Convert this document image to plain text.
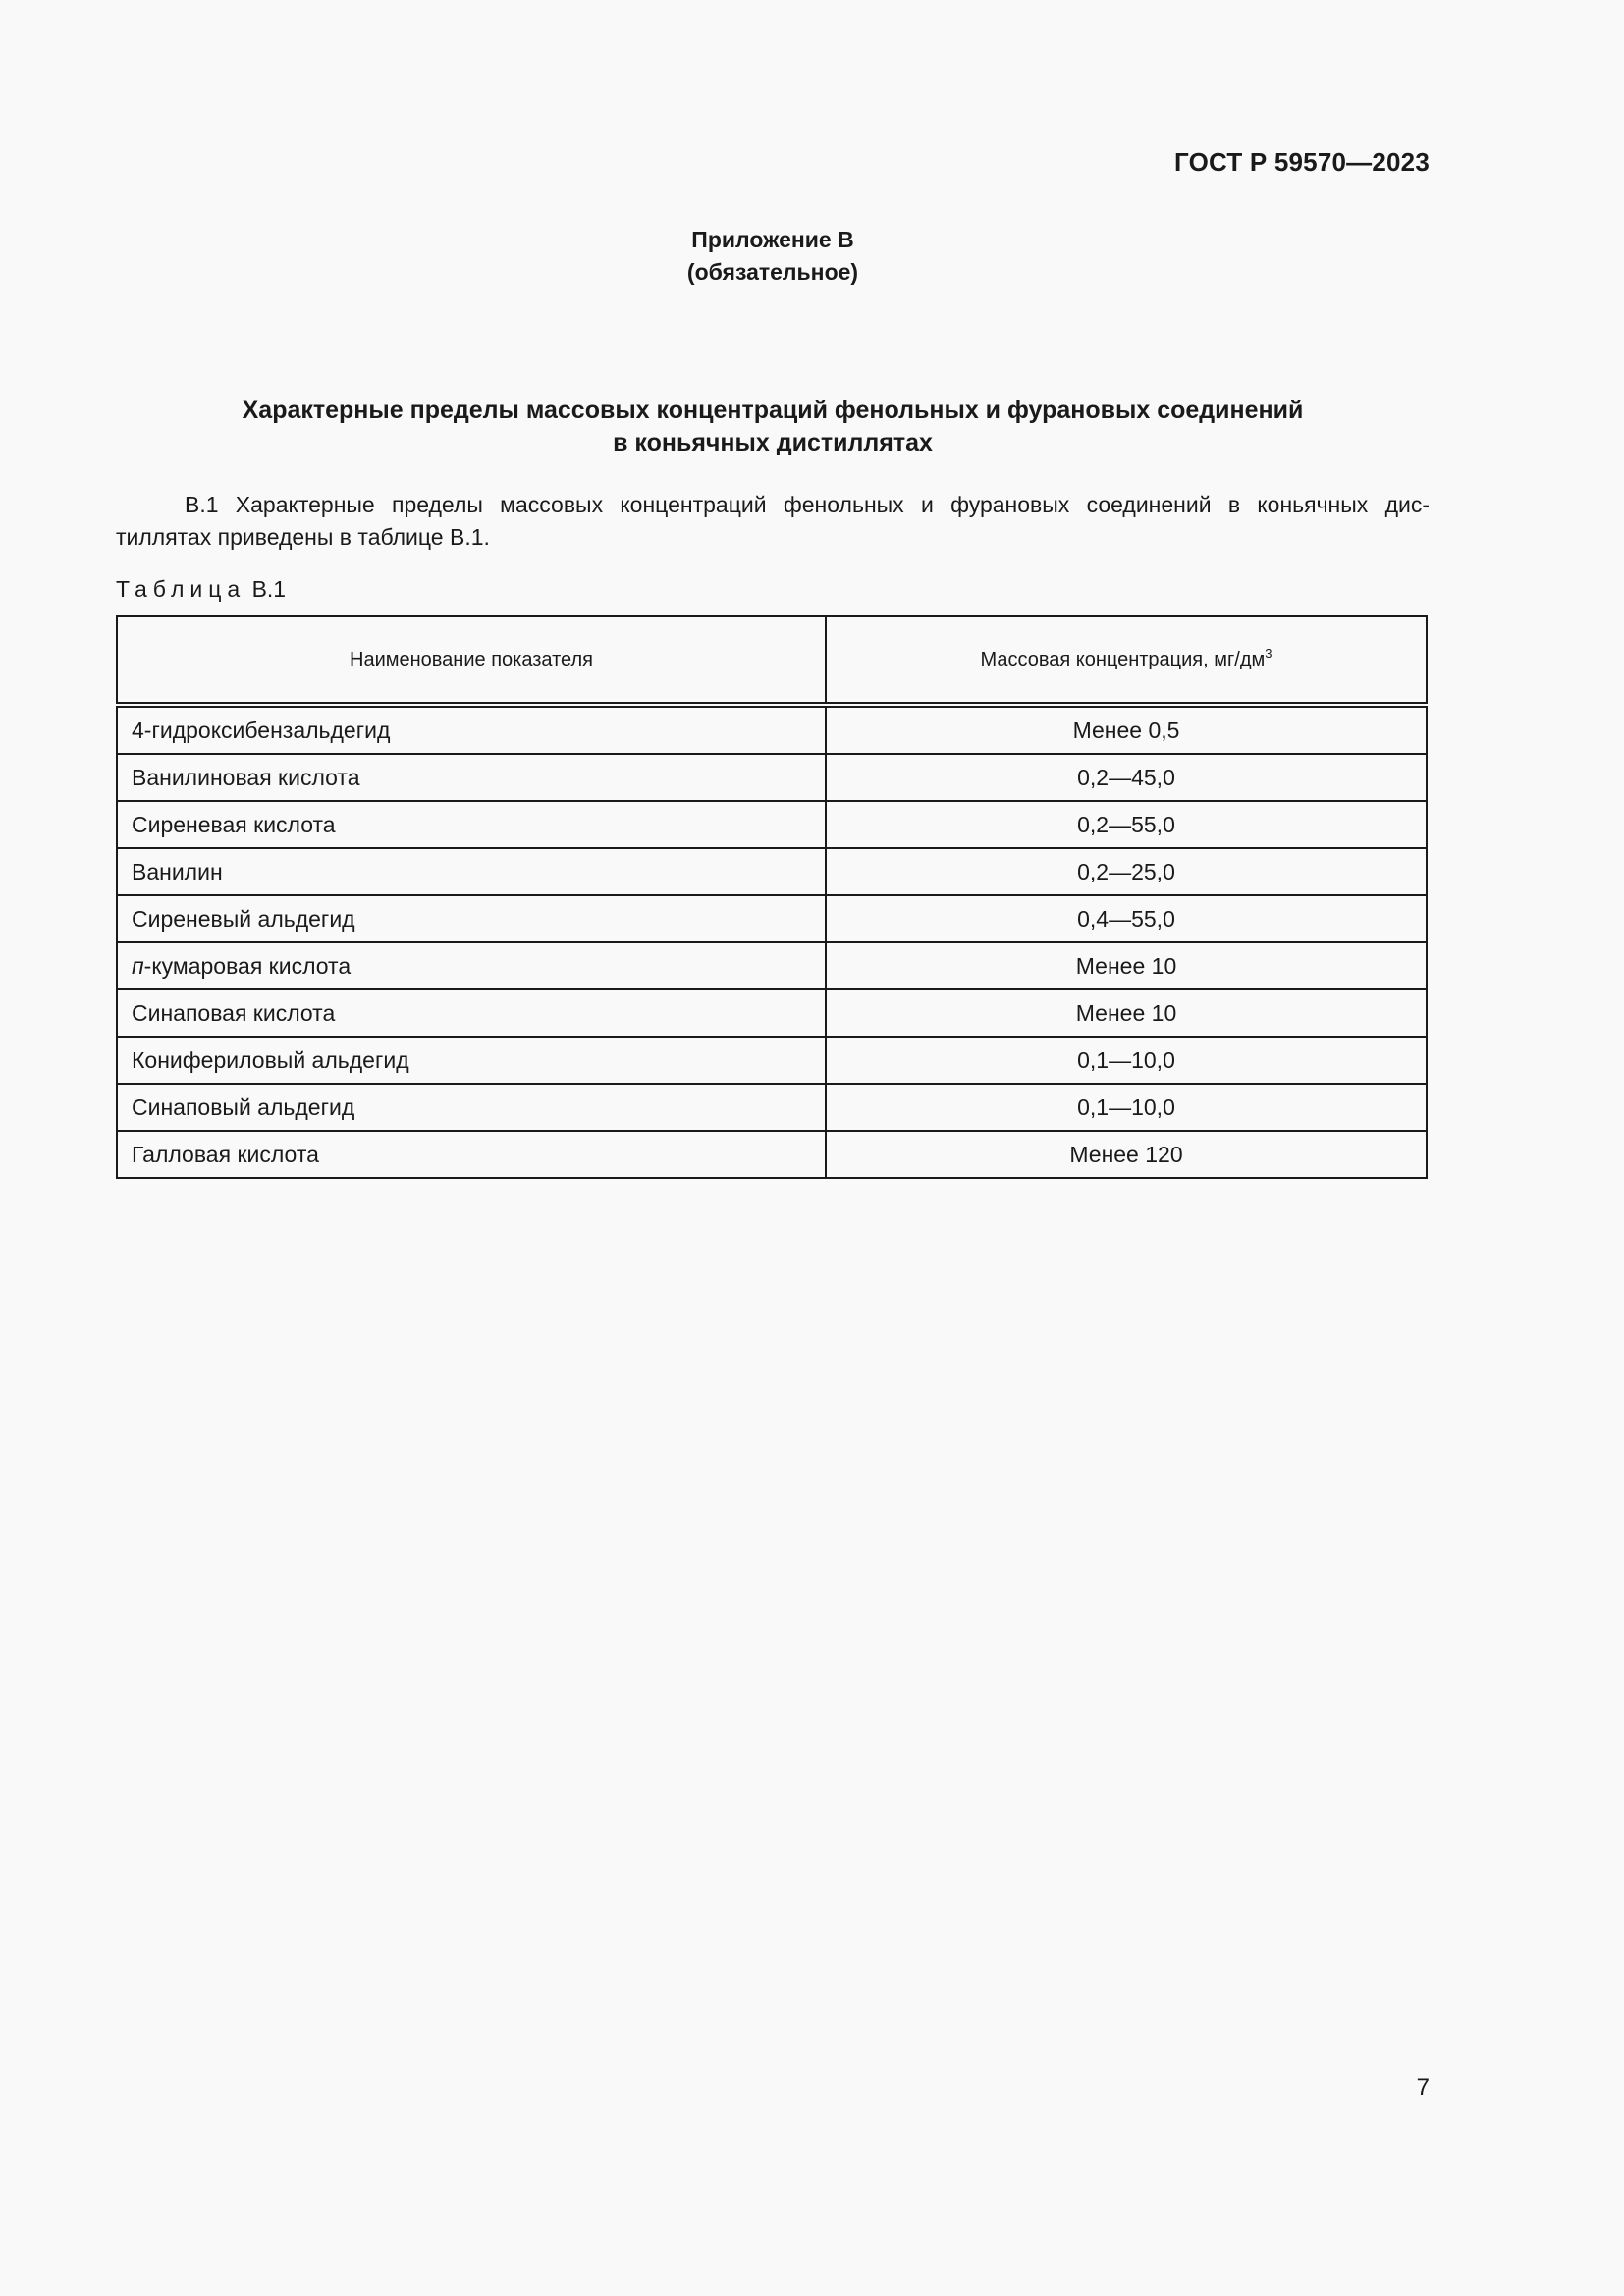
ГОСТ Р 59570—2023
Приложение В
(обязательное)
Характерные пределы массовых концентраций фенольных и фурановых соединений
в коньячных дистиллятах
В.1 Характерные пределы массовых концентраций фенольных и фурановых соединений в коньячных дис-
тиллятах приведены в таблице В.1.
Таблица В.1
Наименование показателя	Массовая концентрация, $мг/дм^3$
4-гидроксибензальдегид	Менее 0,5
Ванилиновая кислота	0,2—45,0
Сиреневая кислота	0,2—55,0
Ванилин	0,2—25,0
Сиреневый альдегид	0,4—55,0
п-кумаровая кислота	Менее 10
Синаповая кислота	Менее 10
Конифериловый альдегид	0,1—10,0
Синаповый альдегид	0,1—10,0
Галловая кислота	Менее 120
7
